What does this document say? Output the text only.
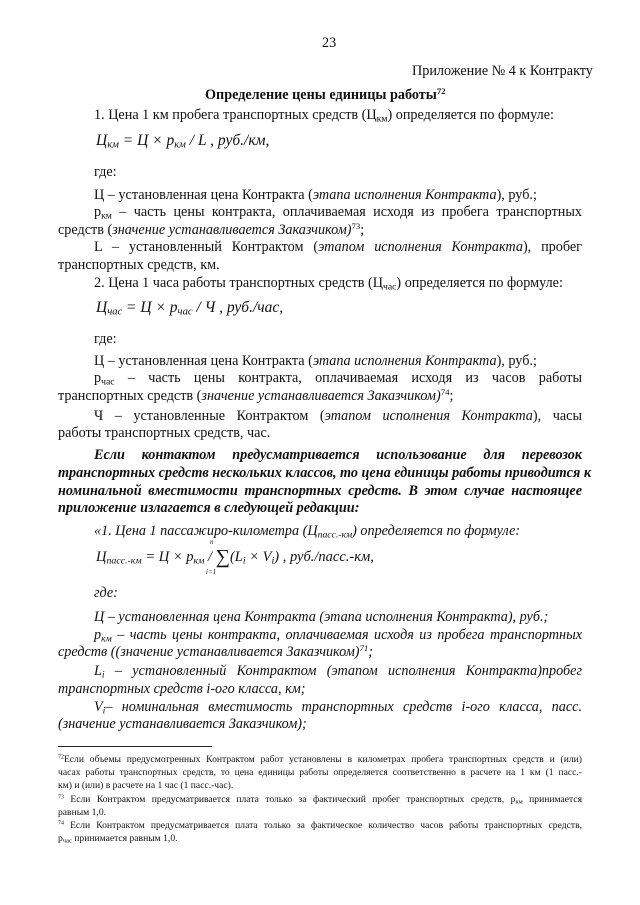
23
Приложение № 4 к Контракту
Определение цены единицы работы$^{72}$
1. Цена 1 км пробега транспортных средств $(Ц_{км})$ определяется по формуле:
$Ц_{км} = Ц \times p_{км} / L$ , руб./км,
где:
Ц – установленная цена Контракта (этапа исполнения Контракта), руб.;
$р_{км}$ – часть цены контракта, оплачиваемая исходя из пробега транспортных
средств (значение устанавливается Заказчиком)$^{73}$;
L – установленный Контрактом (этапом исполнения Контракта), пробег
транспортных средств, км.
2. Цена 1 часа работы транспортных средств $(Ц_{час})$ определяется по формуле:
$Ц_{час} = Ц \times p_{час} / Ч$ , руб./час,
где:
Ц – установленная цена Контракта (этапа исполнения Контракта), руб.;
$р_{час}$ – часть цены контракта, оплачиваемая исходя из часов работы
транспортных средств (значение устанавливается Заказчиком)$^{74}$;
Ч – установленные Контрактом (этапом исполнения Контракта), часы
работы транспортных средств, час.
Если контактом предусматривается использование для перевозок
транспортных средств нескольких классов, то цена единицы работы приводится к
номинальной вместимости транспортных средств. В этом случае настоящее
приложение излагается в следующей редакции:
«1. Цена 1 пассажиро-километра $(Ц_{пасс.-км})$ определяется по формуле:
$Ц_{пасс.-км} = Ц \times p_{км} / \sum(L_i \times V_i)$ , руб./пасс.-км,
n
i=1
где:
Ц – установленная цена Контракта (этапа исполнения Контракта), руб.;
$р_{км}$ – часть цены контракта, оплачиваемая исходя из пробега транспортных
средств ((значение устанавливается Заказчиком)$^{71}$;
$L_i$ – установленный Контрактом (этапом исполнения Контракта)пробег
транспортных средств i-ого класса, км;
$V_i-$ номинальная вместимость транспортных средств i-ого класса, пасс.
(значение устанавливается Заказчиком);
$^{72}$Если объемы предусмотренных Контрактом работ установлены в километрах пробега транспортных средств и (или)
часах работы транспортных средств, то цена единицы работы определяется соответственно в расчете на 1 км (1 пасс.-
км) и (или) в расчете на 1 час (1 пасс.-час).
$^{73}$ Если Контрактом предусматривается плата только за фактический пробег транспортных средств, $р_{км}$ принимается
равным 1,0.
$^{74}$ Если Контрактом предусматривается плата только за фактическое количество часов работы транспортных средств,
$р_{час}$ принимается равным 1,0.
